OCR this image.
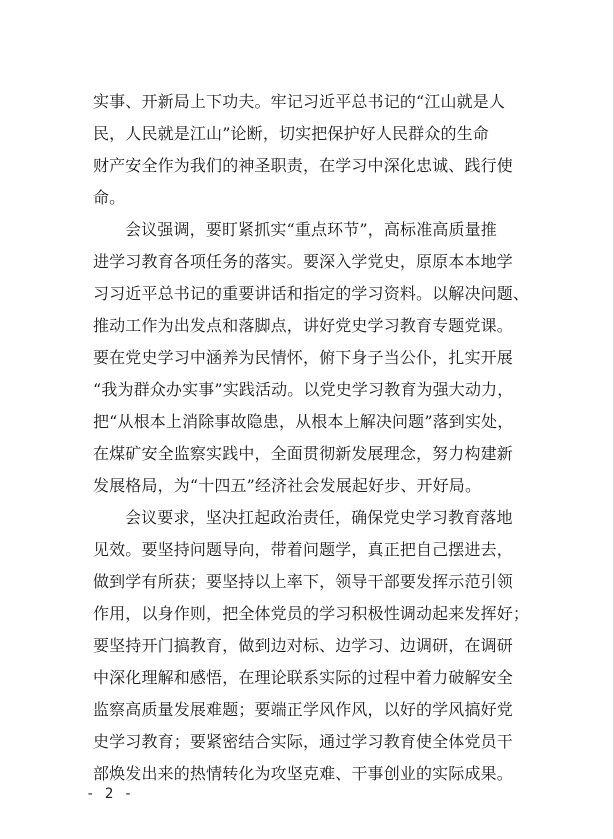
实事、开新局上下功夫。牢记习近平总书记的“江山就是人
民，人民就是江山”论断，切实把保护好人民群众的生命
财产安全作为我们的神圣职责，在学习中深化忠诚、践行使
命。
会议强调，要盯紧抓实“重点环节”，高标准高质量推
进学习教育各项任务的落实。要深入学党史，原原本本地学
习习近平总书记的重要讲话和指定的学习资料。以解决问题、
推动工作为出发点和落脚点，讲好党史学习教育专题党课。
要在党史学习中涵养为民情怀，俯下身子当公仆，扎实开展
“我为群众办实事”实践活动。以党史学习教育为强大动力，
把“从根本上消除事故隐患，从根本上解决问题”落到实处，
在煤矿安全监察实践中，全面贯彻新发展理念，努力构建新
发展格局，为“十四五”经济社会发展起好步、开好局。
会议要求，坚决扛起政治责任，确保党史学习教育落地
见效。要坚持问题导向，带着问题学，真正把自己摆进去，
做到学有所获；要坚持以上率下，领导干部要发挥示范引领
作用，以身作则，把全体党员的学习积极性调动起来发挥好；
要坚持开门搞教育，做到边对标、边学习、边调研，在调研
中深化理解和感悟，在理论联系实际的过程中着力破解安全
监察高质量发展难题；要端正学风作风，以好的学风搞好党
史学习教育；要紧密结合实际，通过学习教育使全体党员干
部焕发出来的热情转化为攻坚克难、干事创业的实际成果。
- 2 -
